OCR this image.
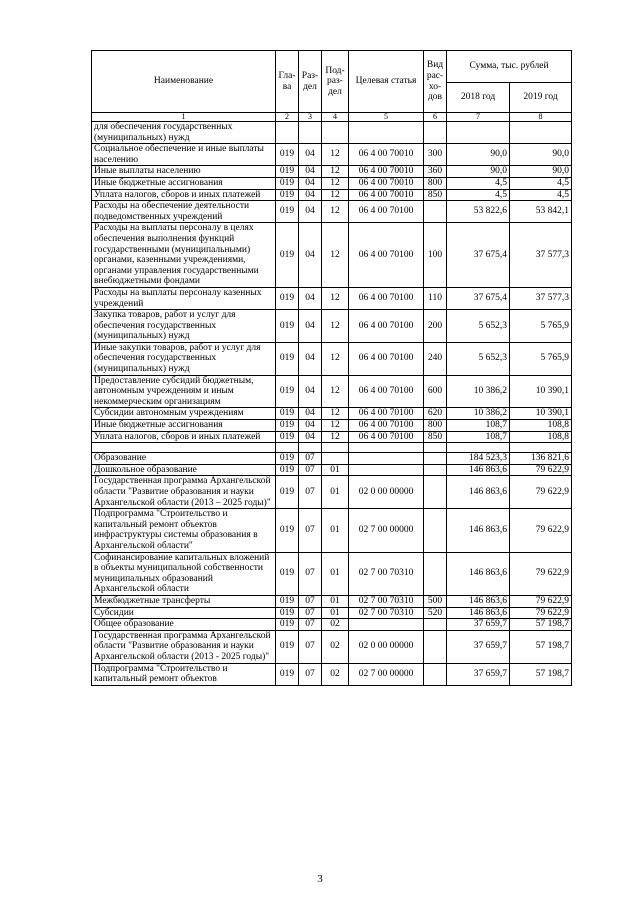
Наименование	Гла-ва	Раз-дел	Под-раз-дел	Целевая статья	Вид рас-хо-дов	Сумма, тыс. рублей	
						2018 год	2019 год
1	2	3	4	5	6	7	8
для обеспечения государственных (муниципальных) нужд							
Социальное обеспечение и иные выплаты населению	019	04	12	06 4 00 70010	300	90,0	90,0
Иные выплаты населению	019	04	12	06 4 00 70010	360	90,0	90,0
Иные бюджетные ассигнования	019	04	12	06 4 00 70010	800	4,5	4,5
Уплата налогов, сборов и иных платежей	019	04	12	06 4 00 70010	850	4,5	4,5
Расходы на обеспечение деятельности подведомственных учреждений	019	04	12	06 4 00 70100		53 822,6	53 842,1
Расходы на выплаты персоналу в целях обеспечения выполнения функций государственными (муниципальными) органами, казенными учреждениями, органами управления государственными внебюджетными фондами	019	04	12	06 4 00 70100	100	37 675,4	37 577,3
Расходы на выплаты персоналу казенных учреждений	019	04	12	06 4 00 70100	110	37 675,4	37 577,3
Закупка товаров, работ и услуг для обеспечения государственных (муниципальных) нужд	019	04	12	06 4 00 70100	200	5 652,3	5 765,9
Иные закупки товаров, работ и услуг для обеспечения государственных (муниципальных) нужд	019	04	12	06 4 00 70100	240	5 652,3	5 765,9
Предоставление субсидий бюджетным, автономным учреждениям и иным некоммерческим организациям	019	04	12	06 4 00 70100	600	10 386,2	10 390,1
Субсидии автономным учреждениям	019	04	12	06 4 00 70100	620	10 386,2	10 390,1
Иные бюджетные ассигнования	019	04	12	06 4 00 70100	800	108,7	108,8
Уплата налогов, сборов и иных платежей	019	04	12	06 4 00 70100	850	108,7	108,8

Образование	019	07				184 523,3	136 821,6
Дошкольное образование	019	07	01			146 863,6	79 622,9
Государственная программа Архангельской области "Развитие образования и науки Архангельской области (2013 – 2025 годы)"	019	07	01	02 0 00 00000		146 863,6	79 622,9
Подпрограмма "Строительство и капитальный ремонт объектов инфраструктуры системы образования в Архангельской области"	019	07	01	02 7 00 00000		146 863,6	79 622,9
Софинансирование капитальных вложений в объекты муниципальной собственности муниципальных образований Архангельской области	019	07	01	02 7 00 70310		146 863,6	79 622,9
Межбюджетные трансферты	019	07	01	02 7 00 70310	500	146 863,6	79 622,9
Субсидии	019	07	01	02 7 00 70310	520	146 863,6	79 622,9
Общее образование	019	07	02			37 659,7	57 198,7
Государственная программа Архангельской области "Развитие образования и науки Архангельской области (2013 - 2025 годы)"	019	07	02	02 0 00 00000		37 659,7	57 198,7
Подпрограмма "Строительство и капитальный ремонт объектов	019	07	02	02 7 00 00000		37 659,7	57 198,7
3
